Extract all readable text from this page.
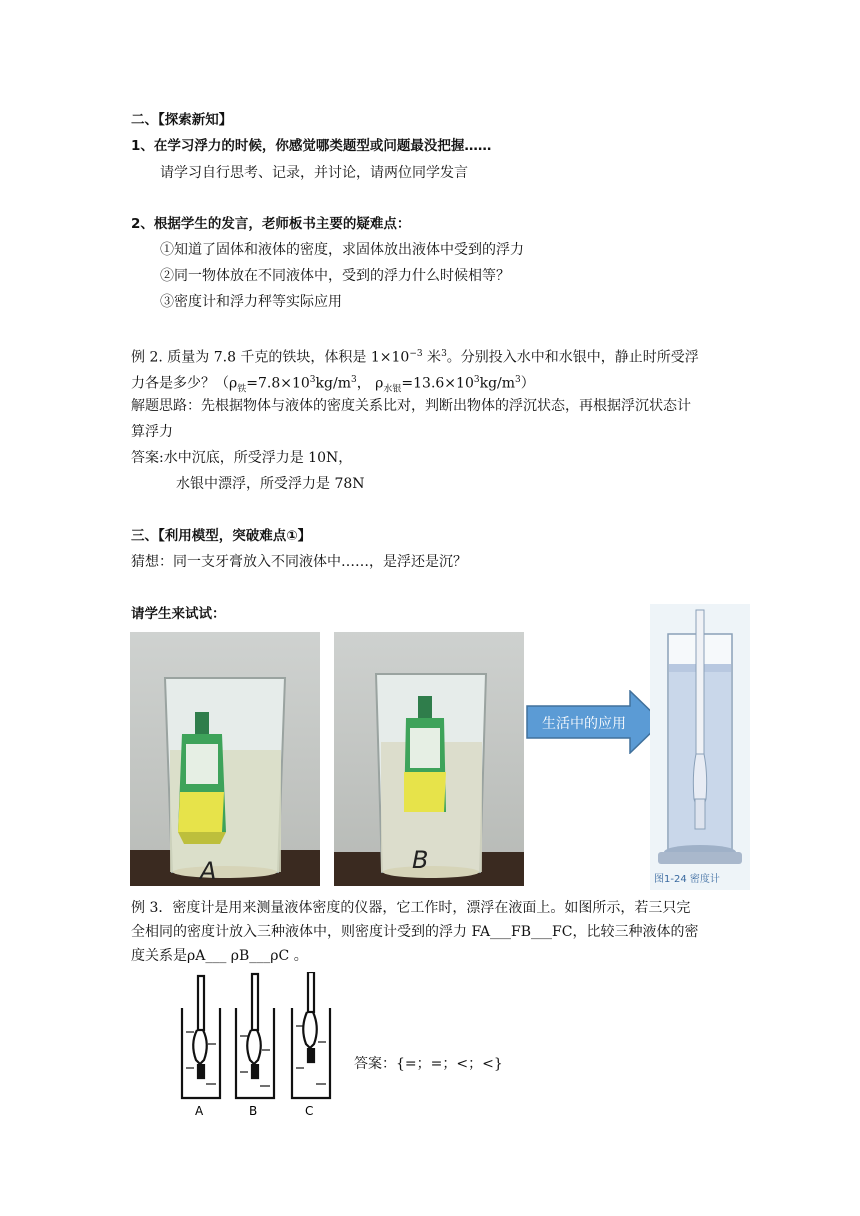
二、【探索新知】
1、在学习浮力的时候，你感觉哪类题型或问题最没把握……
请学习自行思考、记录，并讨论，请两位同学发言
2、根据学生的发言，老师板书主要的疑难点：
①知道了固体和液体的密度，求固体放出液体中受到的浮力
②同一物体放在不同液体中，受到的浮力什么时候相等？
③密度计和浮力秤等实际应用
例 2. 质量为 7.8 千克的铁块，体积是 $1\times 10^{-3}$ 米$^3$。分别投入水中和水银中，静止时所受浮
力各是多少？（$\rho_铁=7.8\times 10^3kg/m^3$， $\rho_{水银}=13.6\times 10^3kg/m^3$）
解题思路：先根据物体与液体的密度关系比对，判断出物体的浮沉状态，再根据浮沉状态计
算浮力
答案:水中沉底，所受浮力是 10N，
水银中漂浮，所受浮力是 78N
三、【利用模型，突破难点①】
猜想：同一支牙膏放入不同液体中……，是浮还是沉？
请学生来试试：
A	B
生活中的应用
图1-24 密度计
例 3．密度计是用来测量液体密度的仪器，它工作时，漂浮在液面上。如图所示，若三只完
全相同的密度计放入三种液体中，则密度计受到的浮力 FA___FB___FC，比较三种液体的密
度关系是ρA___ ρB___ρC 。
A	B	C
答案：{=；=；<；<}
